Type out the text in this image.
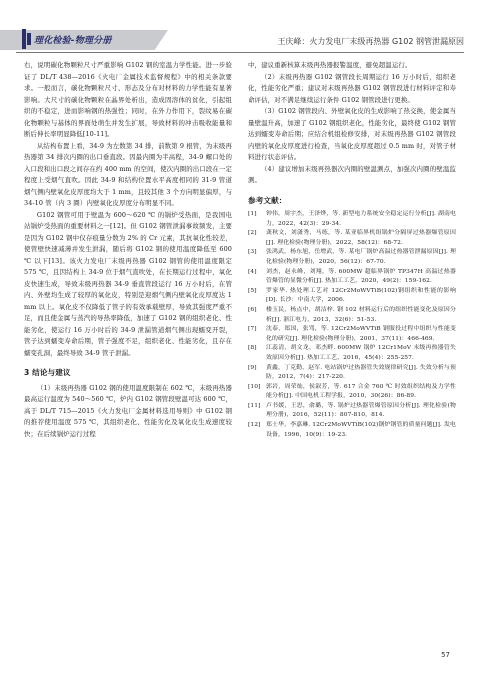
理化检验-物理分册	王庆峰：火力发电厂末级再热器 G102 钢管泄漏原因

右，说明碳化物颗粒尺寸严重影响 G102 钢的室温力学性能。进一步验证了 DL/T 438—2016《火电厂金属技术监督规程》中的相关条款要求。一般而言，碳化物颗粒尺寸、形态及分布对材料的力学性能有显著影响。大尺寸的碳化物颗粒在晶界处析出，造成固溶体的贫化，引起组织的不稳定，进而影响钢的热强性；同时，在外力作用下，裂纹易在碳化物颗粒与基体的界面处萌生并发生扩展，导致材料的冲击吸收能量和断后伸长率明显降低[10-11]。

从结构布置上看，34-9 为左数第 34 排，前数第 9 根管，为末级再热器第 34 排次内圈的出口垂直段。因最内圈为半高程，34-9 螺口处的入口段和出口段之间存在约 400 mm 的空间，使次内圈的出口段在一定程度上受烟气直吹。因此 34-9 和结构位置水平高度相同的 31-9 管道烟气侧内壁氧化皮厚度均大于 1 mm，且较其他 3 个方向明显偏厚，与 34-10 管（内 3 圈）内壁氧化皮厚度分布明显不同。

G102 钢管可用于壁温为 600～620 ℃ 的锅炉受热面，是我国电站锅炉受热面的重要材料之一[12]。但 G102 钢管泄漏事故频发，主要是因为 G102 钢中仅存痕量分数为 2% 的 Cr 元素，其抗氧化性较差，使管壁快速减薄并发生泄漏，随后将 G102 钢的使用温度降低至 600 ℃ 以下[13]。该火力发电厂末级再热器 G102 钢管的使用温度限定 575 ℃，且因结构上 34-9 位于烟气直吹处，在长期运行过程中，氧化皮快速生成，导致末级再热器 34-9 垂直管段运行 16 万小时后，在管内、外壁均生成了较厚的氧化皮，特别是迎烟气侧内壁氧化皮厚度达 1 mm 以上。氧化皮不仅降低了管子的有效承载壁厚，导致其强度严重不足，而且使金属与蒸汽的导热率降低，加速了 G102 钢的组织老化、性能劣化，使运行 16 万小时后的 34-9 泄漏管道烟气侧出现蠕变开裂，管子达到蠕变寿命后期，管子强度不足，组织老化、性能劣化，且存在蠕变孔洞，最终导致 34-9 管子泄漏。

3 结论与建议

（1）末级再热器 G102 钢的使用温度限制在 602 ℃，末级再热器最高运行温度为 540～560 ℃，炉内 G102 钢管段壁温可达 600 ℃，高于 DL/T 715—2015《火力发电厂金属材料选用导则》中 G102 钢的推荐使用温度 575 ℃，其组织老化、性能劣化及氧化皮生成速度较快；在后续锅炉运行过程

中，建议重新核算末级再热器报警温度，避免超温运行。

（2）末级再热器 G102 钢管段长周期运行 16 万小时后，组织老化，性能劣化严重；建议对末级再热器 G102 钢管段进行材料评定和寿命评估，对不满足继续运行条件 G102 钢管段进行更换。

（3）G102 钢管段内、外壁氧化皮的生成影响了热交换，使金属当量壁温升高，加速了 G102 钢组织老化，性能劣化，最终使 G102 钢管达到蠕变寿命后期；应结合机组检修安排，对末级再热器 G102 钢管段内壁的氧化皮厚度进行检查，当氧化皮厚度超过 0.5 mm 时，对管子材料进行状态评估。

（4）建议增加末级再热器次内圈的壁温测点，加强次内圈的壁温监测。

参考文献：
[1]	钟伟，周宇杰，王泽烨，等. 新型电力系统安全稳定运行分析[J]. 湖南电力，2022，42(3)：29-34.
[2]	龚秋文，刘潇秀，马练，等. 某亚临界机组锅炉分隔屏过热器爆管原因[J]. 理化检验(物理分册)，2022，58(12)：68-72.
[3]	张鸿武，杨东旭，岳增武，等. 某电厂锅炉高温过热器管泄漏原因[J]. 理化检验(物理分册)，2020，56(12)：67-70.
[4]	刘杰，赵永峰，刘翔，等. 600MW 超临界锅炉 TP347H 高温过热器管爆管的显微分析[J]. 热加工工艺，2020，49(2)：159-162.
[5]	罗家华. 热处理工艺对 12Cr2MoWVTiB(102)钢组织和性能的影响[D]. 长沙：中南大学，2006.
[6]	楼玉民，杨点中，胡洁梓. 钢 102 材料运行后的组织性能变化及原因分析[J]. 浙江电力，2013，32(6)：51-53.
[7]	沈泰，郑国，张骂，等. 12Cr2MoWVTiB 钢服役过程中组织与性能变化的研究[J]. 理化检验(物理分册)，2001，37(11)：466-469.
[8]	江蕊清，胡文龙，邓杰畔. 600MW 锅炉 12Cr1MoV 末级再热器管失效原因分析[J]. 热加工工艺，2016，45(4)：255-257.
[9]	黄鑫，丁克勤，赵军. 电站锅炉过热器管失效规律研究[J]. 失效分析与预防，2012，7(4)：217-220.
[10] 郭岩，周荣灿，侯淑芳，等. 617 合金 760 ℃ 时效组织结构及力学性能分析[J]. 中国电机工程学报，2010，30(26)：86-89.
[11] 卢书媛，王思，俞璐，等. 锅炉过热器管爆管原因分析[J]. 理化检验(物理分册)，2016，52(11)：807-810，814.
[12] 郑士华，李嘉琳. 12Cr2MoWVTiB(102)钢炉钢管的质量问题[J]. 发电设备，1996，10(9)：19-23.
57
